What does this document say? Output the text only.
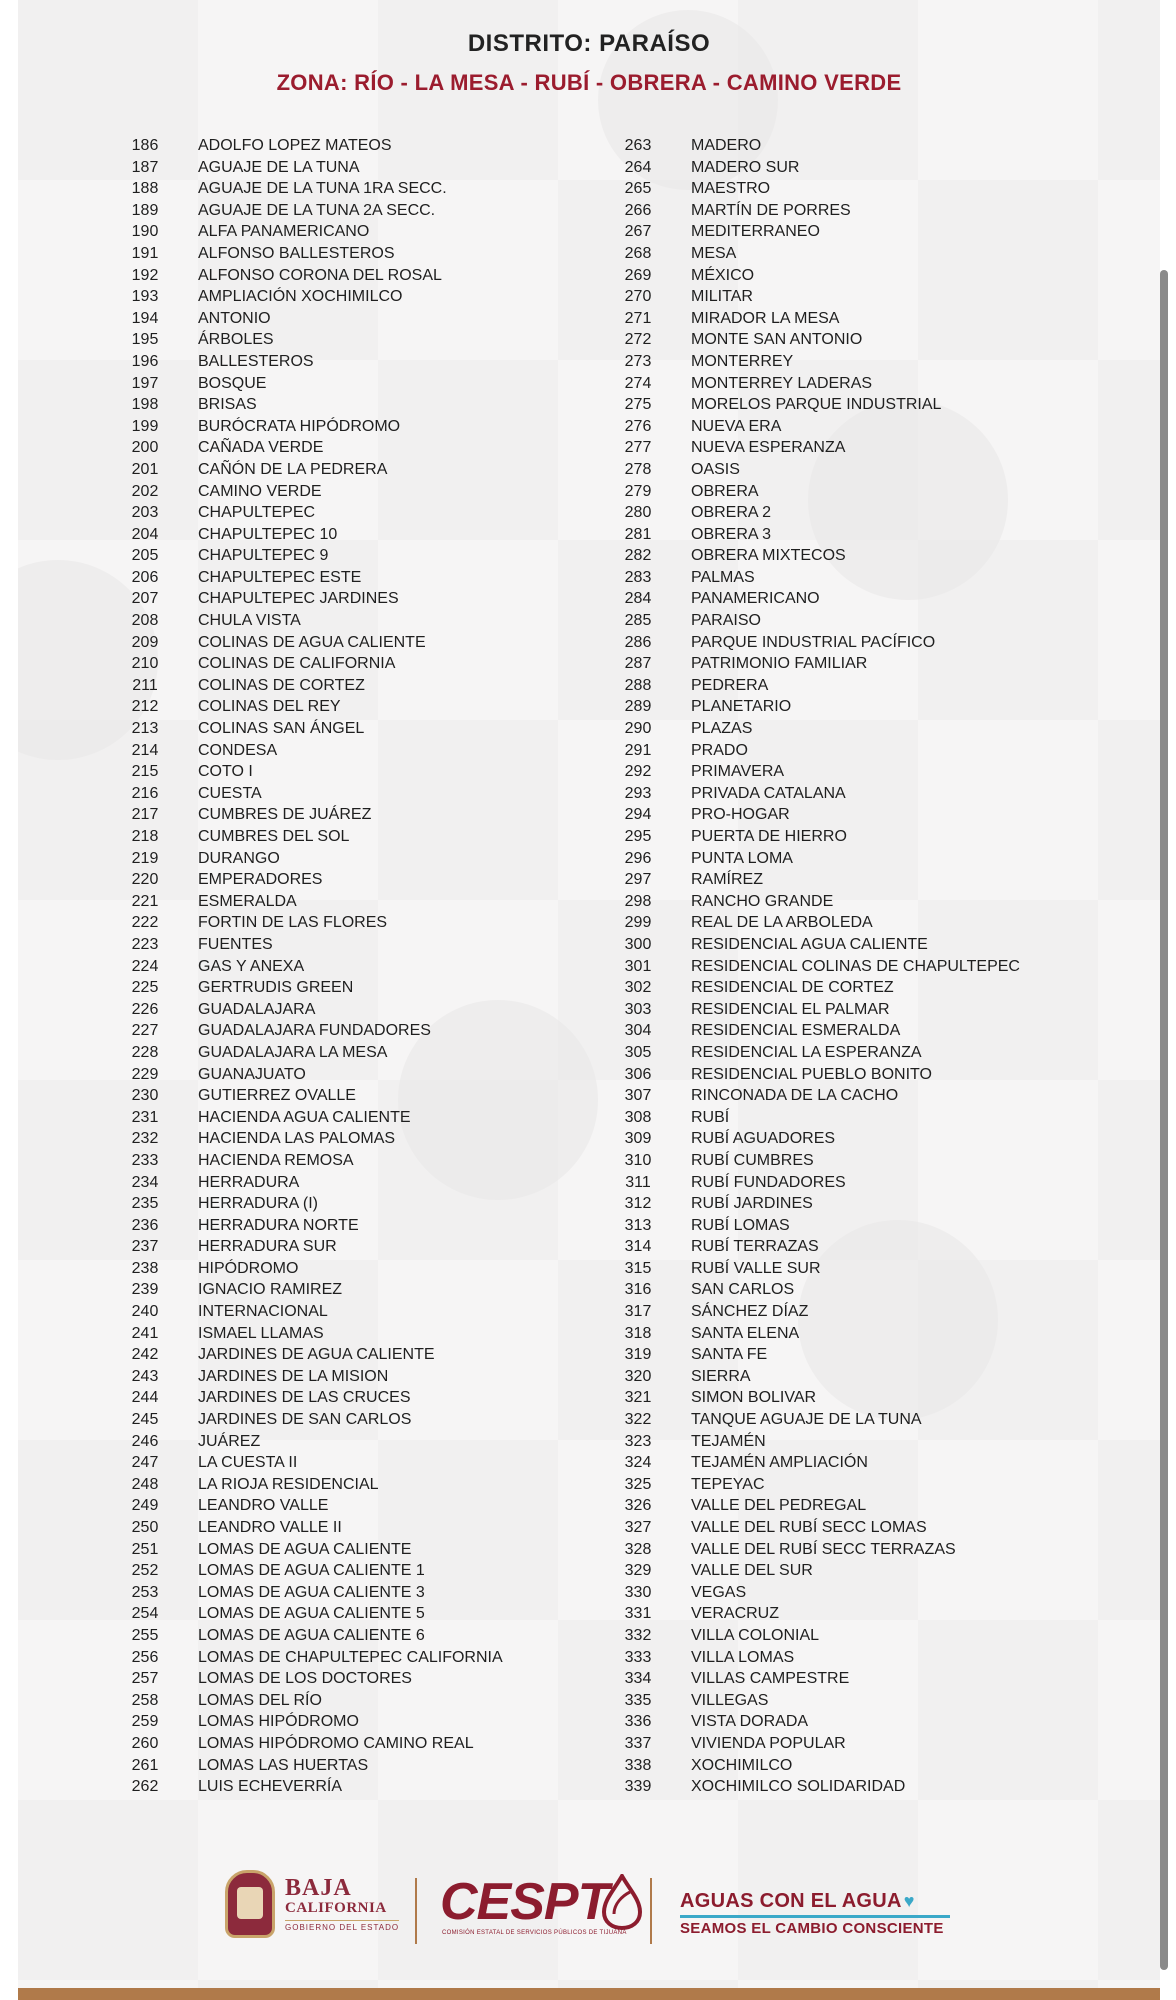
DISTRITO: PARAÍSO
ZONA: RÍO - LA MESA - RUBÍ - OBRERA - CAMINO VERDE
186	ADOLFO LOPEZ MATEOS
187	AGUAJE DE LA TUNA
188	AGUAJE DE LA TUNA 1RA SECC.
189	AGUAJE DE LA TUNA 2A SECC.
190	ALFA PANAMERICANO
191	ALFONSO BALLESTEROS
192	ALFONSO CORONA DEL ROSAL
193	AMPLIACIÓN XOCHIMILCO
194	ANTONIO
195	ÁRBOLES
196	BALLESTEROS
197	BOSQUE
198	BRISAS
199	BURÓCRATA HIPÓDROMO
200	CAÑADA VERDE
201	CAÑÓN DE LA PEDRERA
202	CAMINO VERDE
203	CHAPULTEPEC
204	CHAPULTEPEC 10
205	CHAPULTEPEC 9
206	CHAPULTEPEC ESTE
207	CHAPULTEPEC JARDINES
208	CHULA VISTA
209	COLINAS DE AGUA CALIENTE
210	COLINAS DE CALIFORNIA
211	COLINAS DE CORTEZ
212	COLINAS DEL REY
213	COLINAS SAN ÁNGEL
214	CONDESA
215	COTO I
216	CUESTA
217	CUMBRES DE JUÁREZ
218	CUMBRES DEL SOL
219	DURANGO
220	EMPERADORES
221	ESMERALDA
222	FORTIN DE LAS FLORES
223	FUENTES
224	GAS Y ANEXA
225	GERTRUDIS GREEN
226	GUADALAJARA
227	GUADALAJARA FUNDADORES
228	GUADALAJARA LA MESA
229	GUANAJUATO
230	GUTIERREZ OVALLE
231	HACIENDA AGUA CALIENTE
232	HACIENDA LAS PALOMAS
233	HACIENDA REMOSA
234	HERRADURA
235	HERRADURA (I)
236	HERRADURA NORTE
237	HERRADURA SUR
238	HIPÓDROMO
239	IGNACIO RAMIREZ
240	INTERNACIONAL
241	ISMAEL LLAMAS
242	JARDINES DE AGUA CALIENTE
243	JARDINES DE LA MISION
244	JARDINES DE LAS CRUCES
245	JARDINES DE SAN CARLOS
246	JUÁREZ
247	LA CUESTA II
248	LA RIOJA RESIDENCIAL
249	LEANDRO VALLE
250	LEANDRO VALLE II
251	LOMAS DE AGUA CALIENTE
252	LOMAS DE AGUA CALIENTE 1
253	LOMAS DE AGUA CALIENTE 3
254	LOMAS DE AGUA CALIENTE 5
255	LOMAS DE AGUA CALIENTE 6
256	LOMAS DE CHAPULTEPEC CALIFORNIA
257	LOMAS DE LOS DOCTORES
258	LOMAS DEL RÍO
259	LOMAS HIPÓDROMO
260	LOMAS HIPÓDROMO CAMINO REAL
261	LOMAS LAS HUERTAS
262	LUIS ECHEVERRÍA
263	MADERO
264	MADERO SUR
265	MAESTRO
266	MARTÍN DE PORRES
267	MEDITERRANEO
268	MESA
269	MÉXICO
270	MILITAR
271	MIRADOR LA MESA
272	MONTE SAN ANTONIO
273	MONTERREY
274	MONTERREY LADERAS
275	MORELOS PARQUE INDUSTRIAL
276	NUEVA ERA
277	NUEVA ESPERANZA
278	OASIS
279	OBRERA
280	OBRERA 2
281	OBRERA 3
282	OBRERA MIXTECOS
283	PALMAS
284	PANAMERICANO
285	PARAISO
286	PARQUE INDUSTRIAL PACÍFICO
287	PATRIMONIO FAMILIAR
288	PEDRERA
289	PLANETARIO
290	PLAZAS
291	PRADO
292	PRIMAVERA
293	PRIVADA CATALANA
294	PRO-HOGAR
295	PUERTA DE HIERRO
296	PUNTA LOMA
297	RAMÍREZ
298	RANCHO GRANDE
299	REAL DE LA ARBOLEDA
300	RESIDENCIAL AGUA CALIENTE
301	RESIDENCIAL COLINAS DE CHAPULTEPEC
302	RESIDENCIAL DE CORTEZ
303	RESIDENCIAL EL PALMAR
304	RESIDENCIAL ESMERALDA
305	RESIDENCIAL LA ESPERANZA
306	RESIDENCIAL PUEBLO BONITO
307	RINCONADA DE LA CACHO
308	RUBÍ
309	RUBÍ AGUADORES
310	RUBÍ CUMBRES
311	RUBÍ FUNDADORES
312	RUBÍ JARDINES
313	RUBÍ LOMAS
314	RUBÍ TERRAZAS
315	RUBÍ VALLE SUR
316	SAN CARLOS
317	SÁNCHEZ DÍAZ
318	SANTA ELENA
319	SANTA FE
320	SIERRA
321	SIMON BOLIVAR
322	TANQUE AGUAJE DE LA TUNA
323	TEJAMÉN
324	TEJAMÉN AMPLIACIÓN
325	TEPEYAC
326	VALLE DEL PEDREGAL
327	VALLE DEL RUBÍ SECC LOMAS
328	VALLE DEL RUBÍ SECC TERRAZAS
329	VALLE DEL SUR
330	VEGAS
331	VERACRUZ
332	VILLA COLONIAL
333	VILLA LOMAS
334	VILLAS CAMPESTRE
335	VILLEGAS
336	VISTA DORADA
337	VIVIENDA POPULAR
338	XOCHIMILCO
339	XOCHIMILCO SOLIDARIDAD
BAJA
CALIFORNIA
GOBIERNO DEL ESTADO CESPT
COMISIÓN ESTATAL DE SERVICIOS PÚBLICOS DE TIJUANA
AGUAS CON EL AGUA ♥
SEAMOS EL CAMBIO CONSCIENTE
